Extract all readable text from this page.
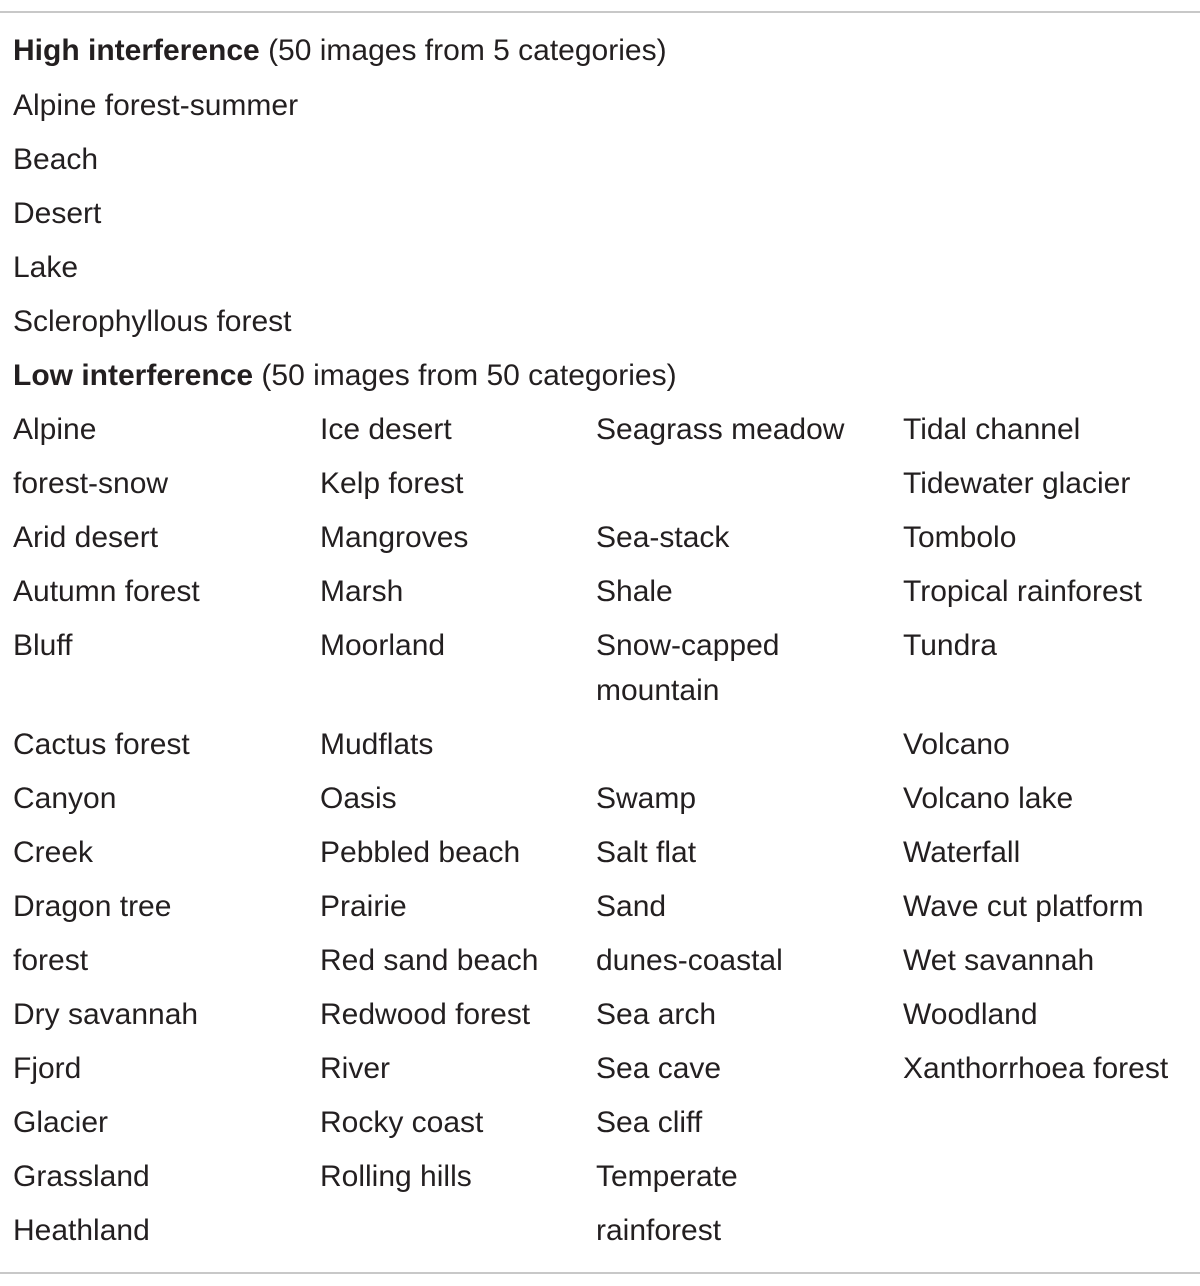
High interference (50 images from 5 categories)
Alpine forest-summer
Beach
Desert
Lake
Sclerophyllous forest
Low interference (50 images from 50 categories)
Alpine
forest-snow
Arid desert
Autumn forest
Bluff
Cactus forest
Canyon
Creek
Dragon tree
forest
Dry savannah
Fjord
Glacier
Grassland
Heathland
Ice desert
Kelp forest
Mangroves
Marsh
Moorland
Mudflats
Oasis
Pebbled beach
Prairie
Red sand beach
Redwood forest
River
Rocky coast
Rolling hills
Seagrass meadow
Sea-stack
Shale
Snow-capped
mountain
Swamp
Salt flat
Sand
dunes-coastal
Sea arch
Sea cave
Sea cliff
Temperate
rainforest
Tidal channel
Tidewater glacier
Tombolo
Tropical rainforest
Tundra
Volcano
Volcano lake
Waterfall
Wave cut platform
Wet savannah
Woodland
Xanthorrhoea forest
